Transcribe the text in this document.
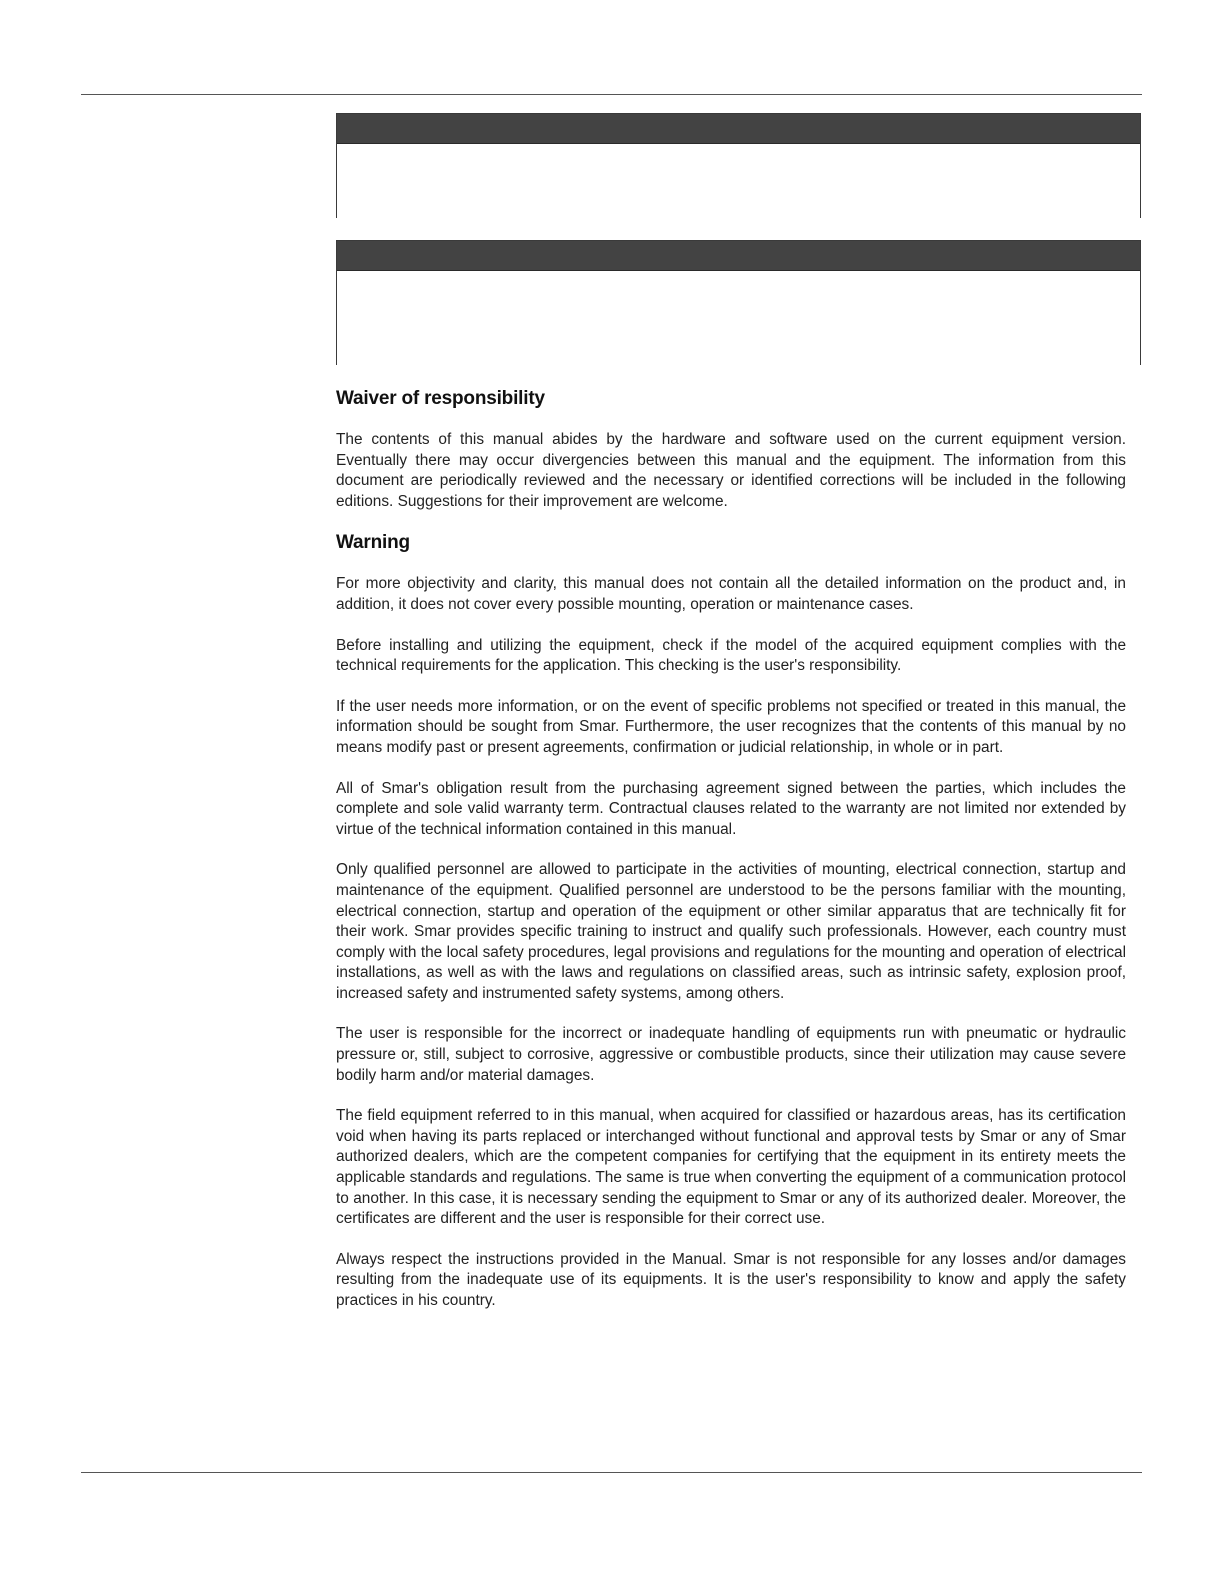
Waiver of responsibility

The contents of this manual abides by the hardware and software used on the current equipment version. Eventually there may occur divergencies between this manual and the equipment. The information from this document are periodically reviewed and the necessary or identified corrections will be included in the following editions. Suggestions for their improvement are welcome.

Warning

For more objectivity and clarity, this manual does not contain all the detailed information on the product and, in addition, it does not cover every possible mounting, operation or maintenance cases.

Before installing and utilizing the equipment, check if the model of the acquired equipment complies with the technical requirements for the application. This checking is the user's responsibility.

If the user needs more information, or on the event of specific problems not specified or treated in this manual, the information should be sought from Smar. Furthermore, the user recognizes that the contents of this manual by no means modify past or present agreements, confirmation or judicial relationship, in whole or in part.

All of Smar's obligation result from the purchasing agreement signed between the parties, which includes the complete and sole valid warranty term. Contractual clauses related to the warranty are not limited nor extended by virtue of the technical information contained in this manual.

Only qualified personnel are allowed to participate in the activities of mounting, electrical connection, startup and maintenance of the equipment. Qualified personnel are understood to be the persons familiar with the mounting, electrical connection, startup and operation of the equipment or other similar apparatus that are technically fit for their work. Smar provides specific training to instruct and qualify such professionals. However, each country must comply with the local safety procedures, legal provisions and regulations for the mounting and operation of electrical installations, as well as with the laws and regulations on classified areas, such as intrinsic safety, explosion proof, increased safety and instrumented safety systems, among others.

The user is responsible for the incorrect or inadequate handling of equipments run with pneumatic or hydraulic pressure or, still, subject to corrosive, aggressive or combustible products, since their utilization may cause severe bodily harm and/or material damages.

The field equipment referred to in this manual, when acquired for classified or hazardous areas, has its certification void when having its parts replaced or interchanged without functional and approval tests by Smar or any of Smar authorized dealers, which are the competent companies for certifying that the equipment in its entirety meets the applicable standards and regulations. The same is true when converting the equipment of a communication protocol to another. In this case, it is necessary sending the equipment to Smar or any of its authorized dealer. Moreover, the certificates are different and the user is responsible for their correct use.

Always respect the instructions provided in the Manual. Smar is not responsible for any losses and/or damages resulting from the inadequate use of its equipments. It is the user's responsibility to know and apply the safety practices in his country.
